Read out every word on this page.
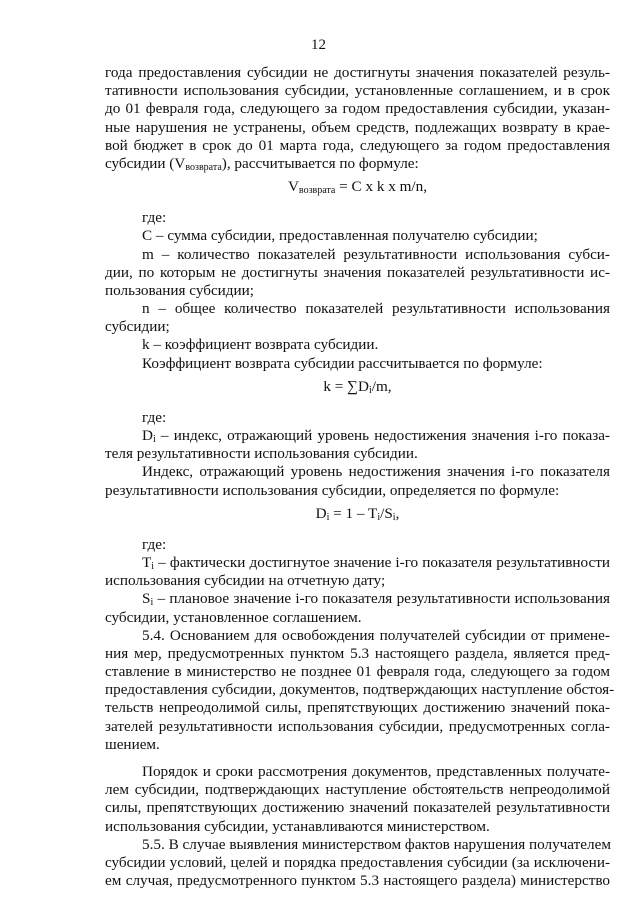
12
года предоставления субсидии не достигнуты значения показателей резуль-
тативности использования субсидии, установленные соглашением, и в срок
до 01 февраля года, следующего за годом предоставления субсидии, указан-
ные нарушения не устранены, объем средств, подлежащих возврату в крае-
вой бюджет в срок до 01 марта года, следующего за годом предоставления
субсидии $(V_{возврата})$, рассчитывается по формуле:
$V_{возврата} = C$ x k x m/n,
где:
C – сумма субсидии, предоставленная получателю субсидии;
m – количество показателей результативности использования субси-
дии, по которым не достигнуты значения показателей результативности ис-
пользования субсидии;
n – общее количество показателей результативности использования
субсидии;
k – коэффициент возврата субсидии.
Коэффициент возврата субсидии рассчитывается по формуле:
$k = \sum D_i/m$,
где:
$D_i$ – индекс, отражающий уровень недостижения значения i-го показа-
теля результативности использования субсидии.
Индекс, отражающий уровень недостижения значения i-го показателя
результативности использования субсидии, определяется по формуле:
$D_i = 1 - T_i/S_i$,
где:
$T_i$ – фактически достигнутое значение i-го показателя результативности
использования субсидии на отчетную дату;
$S_i$ – плановое значение i-го показателя результативности использования
субсидии, установленное соглашением.
5.4. Основанием для освобождения получателей субсидии от примене-
ния мер, предусмотренных пунктом 5.3 настоящего раздела, является пред-
ставление в министерство не позднее 01 февраля года, следующего за годом
предоставления субсидии, документов, подтверждающих наступление обстоя-
тельств непреодолимой силы, препятствующих достижению значений пока-
зателей результативности использования субсидии, предусмотренных согла-
шением.
Порядок и сроки рассмотрения документов, представленных получате-
лем субсидии, подтверждающих наступление обстоятельств непреодолимой
силы, препятствующих достижению значений показателей результативности
использования субсидии, устанавливаются министерством.
5.5. В случае выявления министерством фактов нарушения получателем
субсидии условий, целей и порядка предоставления субсидии (за исключени-
ем случая, предусмотренного пунктом 5.3 настоящего раздела) министерство
